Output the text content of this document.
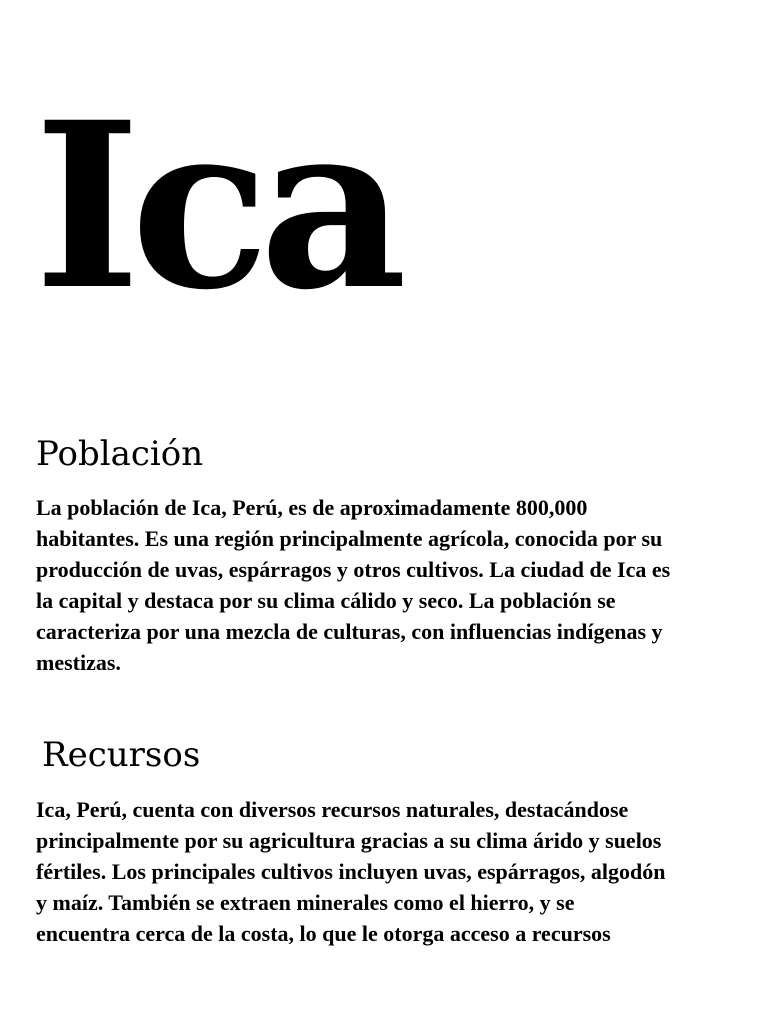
Ica
Población

La población de Ica, Perú, es de aproximadamente 800,000
habitantes. Es una región principalmente agrícola, conocida por su
producción de uvas, espárragos y otros cultivos. La ciudad de Ica es
la capital y destaca por su clima cálido y seco. La población se
caracteriza por una mezcla de culturas, con influencias indígenas y
mestizas.

Recursos

Ica, Perú, cuenta con diversos recursos naturales, destacándose
principalmente por su agricultura gracias a su clima árido y suelos
fértiles. Los principales cultivos incluyen uvas, espárragos, algodón
y maíz. También se extraen minerales como el hierro, y se
encuentra cerca de la costa, lo que le otorga acceso a recursos
